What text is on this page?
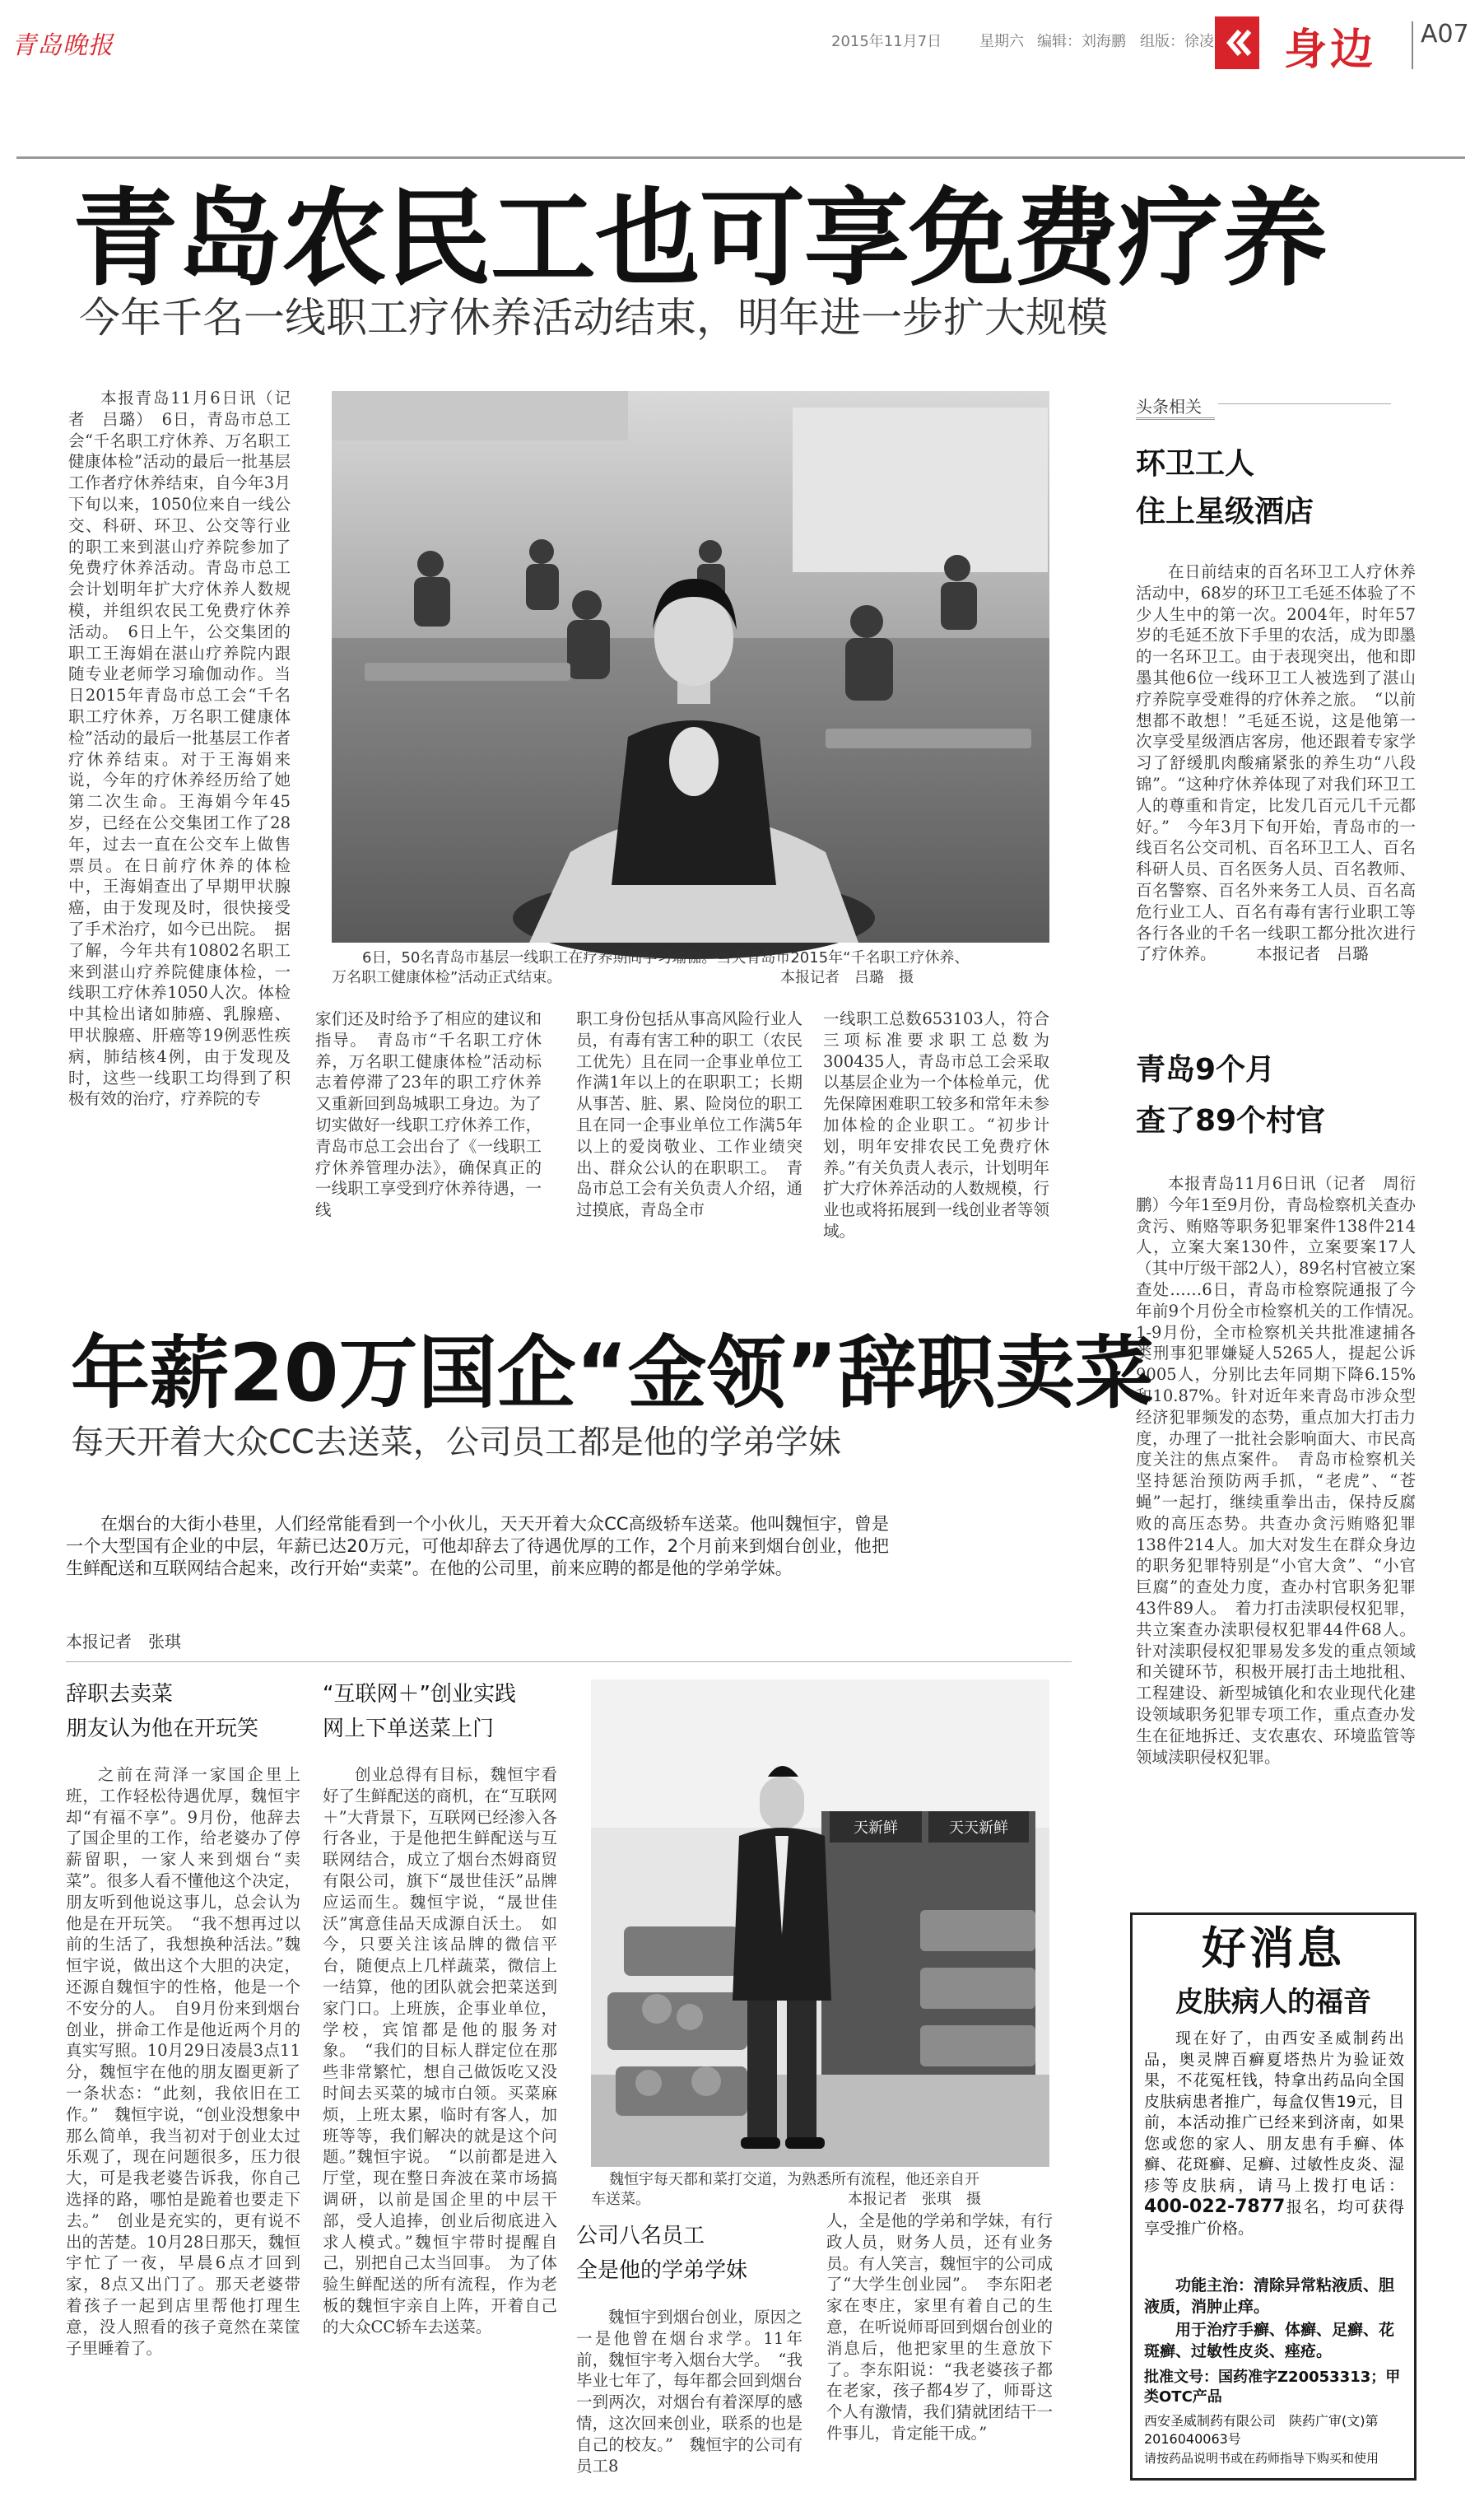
青岛晚报	2015年11月7日	星期六 编辑：刘海鹏 组版：徐凌 身边 A07
青岛农民工也可享免费疗养
今年千名一线职工疗休养活动结束，明年进一步扩大规模

本报青岛11月6日讯（记者　吕璐）　6日，青岛市总工会“千名职工疗休养、万名职工健康体检”活动的最后一批基层工作者疗休养结束，自今年3月下旬以来，1050位来自一线公交、科研、环卫、公交等行业的职工来到湛山疗养院参加了免费疗休养活动。青岛市总工会计划明年扩大疗休养人数规模，并组织农民工免费疗休养活动。　6日上午，公交集团的职工王海娟在湛山疗养院内跟随专业老师学习瑜伽动作。当日2015年青岛市总工会“千名职工疗休养，万名职工健康体检”活动的最后一批基层工作者疗休养结束。对于王海娟来说，今年的疗休养经历给了她第二次生命。王海娟今年45岁，已经在公交集团工作了28年，过去一直在公交车上做售票员。在日前疗休养的体检中，王海娟查出了早期甲状腺癌，由于发现及时，很快接受了手术治疗，如今已出院。　据了解，今年共有10802名职工来到湛山疗养院健康体检，一线职工疗休养1050人次。体检中其检出诸如肺癌、乳腺癌、甲状腺癌、肝癌等19例恶性疾病，肺结核4例，由于发现及时，这些一线职工均得到了积极有效的治疗，疗养院的专

6日，50名青岛市基层一线职工在疗养期间学习瑜伽。当天青岛市2015年“千名职工疗休养、
万名职工健康体检”活动正式结束。	本报记者　吕璐　摄

家们还及时给予了相应的建议和指导。　青岛市“千名职工疗休养，万名职工健康体检”活动标志着停滞了23年的职工疗休养又重新回到岛城职工身边。为了切实做好一线职工疗休养工作，青岛市总工会出台了《一线职工疗休养管理办法》，确保真正的一线职工享受到疗休养待遇，一线

职工身份包括从事高风险行业人员，有毒有害工种的职工（农民工优先）且在同一企事业单位工作满1年以上的在职职工；长期从事苦、脏、累、险岗位的职工且在同一企事业单位工作满5年以上的爱岗敬业、工作业绩突出、群众公认的在职职工。　青岛市总工会有关负责人介绍，通过摸底，青岛全市

一线职工总数653103人，符合三项标准要求职工总数为300435人，青岛市总工会采取以基层企业为一个体检单元，优先保障困难职工较多和常年未参加体检的企业职工。“初步计划，明年安排农民工免费疗休养。”有关负责人表示，计划明年扩大疗休养活动的人数规模，行业也或将拓展到一线创业者等领域。

头条相关
环卫工人
住上星级酒店

在日前结束的百名环卫工人疗休养活动中，68岁的环卫工毛延丕体验了不少人生中的第一次。2004年，时年57岁的毛延丕放下手里的农活，成为即墨的一名环卫工。由于表现突出，他和即墨其他6位一线环卫工人被选到了湛山疗养院享受难得的疗休养之旅。　“以前想都不敢想！”毛延丕说，这是他第一次享受星级酒店客房，他还跟着专家学习了舒缓肌肉酸痛紧张的养生功“八段锦”。“这种疗休养体现了对我们环卫工人的尊重和肯定，比发几百元几千元都好。”　今年3月下旬开始，青岛市的一线百名公交司机、百名环卫工人、百名科研人员、百名医务人员、百名教师、百名警察、百名外来务工人员、百名高危行业工人、百名有毒有害行业职工等各行各业的千名一线职工都分批次进行了疗休养。　　　本报记者　吕璐

青岛9个月
查了89个村官

本报青岛11月6日讯（记者　周衍鹏）今年1至9月份，青岛检察机关查办贪污、贿赂等职务犯罪案件138件214人，立案大案130件，立案要案17人（其中厅级干部2人），89名村官被立案查处……6日，青岛市检察院通报了今年前9个月份全市检察机关的工作情况。　1-9月份，全市检察机关共批准逮捕各类刑事犯罪嫌疑人5265人，提起公诉9005人，分别比去年同期下降6.15%和10.87%。针对近年来青岛市涉众型经济犯罪频发的态势，重点加大打击力度，办理了一批社会影响面大、市民高度关注的焦点案件。　青岛市检察机关坚持惩治预防两手抓，“老虎”、“苍蝇”一起打，继续重拳出击，保持反腐败的高压态势。共查办贪污贿赂犯罪138件214人。加大对发生在群众身边的职务犯罪特别是“小官大贪”、“小官巨腐”的查处力度，查办村官职务犯罪43件89人。　着力打击渎职侵权犯罪，共立案查办渎职侵权犯罪44件68人。针对渎职侵权犯罪易发多发的重点领域和关键环节，积极开展打击土地批租、工程建设、新型城镇化和农业现代化建设领域职务犯罪专项工作，重点查办发生在征地拆迁、支农惠农、环境监管等领域渎职侵权犯罪。

年薪20万国企“金领”辞职卖菜
每天开着大众CC去送菜，公司员工都是他的学弟学妹

在烟台的大街小巷里，人们经常能看到一个小伙儿，天天开着大众CC高级轿车送菜。他叫魏恒宇，曾是一个大型国有企业的中层，年薪已达20万元，可他却辞去了待遇优厚的工作，2个月前来到烟台创业，他把生鲜配送和互联网结合起来，改行开始“卖菜”。在他的公司里，前来应聘的都是他的学弟学妹。

本报记者　张琪
辞职去卖菜
朋友认为他在开玩笑

之前在菏泽一家国企里上班，工作轻松待遇优厚，魏恒宇却“有福不享”。9月份，他辞去了国企里的工作，给老婆办了停薪留职，一家人来到烟台“卖菜”。很多人看不懂他这个决定，朋友听到他说这事儿，总会认为他是在开玩笑。　“我不想再过以前的生活了，我想换种活法。”魏恒宇说，做出这个大胆的决定，还源自魏恒宇的性格，他是一个不安分的人。　自9月份来到烟台创业，拼命工作是他近两个月的真实写照。10月29日凌晨3点11分，魏恒宇在他的朋友圈更新了一条状态：“此刻，我依旧在工作。”　魏恒宇说，“创业没想象中那么简单，我当初对于创业太过乐观了，现在问题很多，压力很大，可是我老婆告诉我，你自己选择的路，哪怕是跪着也要走下去。”　创业是充实的，更有说不出的苦楚。10月28日那天，魏恒宇忙了一夜，早晨6点才回到家，8点又出门了。那天老婆带着孩子一起到店里帮他打理生意，没人照看的孩子竟然在菜筐子里睡着了。

“互联网＋”创业实践
网上下单送菜上门

创业总得有目标，魏恒宇看好了生鲜配送的商机，在“互联网＋”大背景下，互联网已经渗入各行各业，于是他把生鲜配送与互联网结合，成立了烟台杰姆商贸有限公司，旗下“晟世佳沃”品牌应运而生。魏恒宇说，“晟世佳沃”寓意佳品天成源自沃土。　如今，只要关注该品牌的微信平台，随便点上几样蔬菜，微信上一结算，他的团队就会把菜送到家门口。上班族，企事业单位，学校，宾馆都是他的服务对象。　“我们的目标人群定位在那些非常繁忙，想自己做饭吃又没时间去买菜的城市白领。买菜麻烦，上班太累，临时有客人，加班等等，我们解决的就是这个问题。”魏恒宇说。　“以前都是进入厅堂，现在整日奔波在菜市场搞调研，以前是国企里的中层干部，受人追捧，创业后彻底进入求人模式。”魏恒宇带时提醒自己，别把自己太当回事。　为了体验生鲜配送的所有流程，作为老板的魏恒宇亲自上阵，开着自己的大众CC轿车去送菜。

天新鲜	天天新鲜
魏恒宇每天都和菜打交道，为熟悉所有流程，他还亲自开
车送菜。	本报记者　张琪　摄
公司八名员工
全是他的学弟学妹

魏恒宇到烟台创业，原因之一是他曾在烟台求学。11年前，魏恒宇考入烟台大学。　“我毕业七年了，每年都会回到烟台一到两次，对烟台有着深厚的感情，这次回来创业，联系的也是自己的校友。”　魏恒宇的公司有员工8

人，全是他的学弟和学妹，有行政人员，财务人员，还有业务员。有人笑言，魏恒宇的公司成了“大学生创业园”。　李东阳老家在枣庄，家里有着自己的生意，在听说师哥回到烟台创业的消息后，他把家里的生意放下了。李东阳说：“我老婆孩子都在老家，孩子都4岁了，师哥这个人有激情，我们猜就团结干一件事儿，肯定能干成。”

好消息
皮肤病人的福音
现在好了，由西安圣威制药出品，奥灵牌百癣夏塔热片为验证效果，不花冤枉钱，特拿出药品向全国皮肤病患者推广，每盒仅售19元，目前，本活动推广已经来到济南，如果您或您的家人、朋友患有手癣、体癣、花斑癣、足癣、过敏性皮炎、湿疹等皮肤病，请马上拨打电话：400-022-7877报名，均可获得享受推广价格。
功能主治：清除异常粘液质、胆液质，消肿止痒。
用于治疗手癣、体癣、足癣、花斑癣、过敏性皮炎、痤疮。
批准文号：国药准字Z20053313；甲类OTC产品
西安圣威制药有限公司　陕药广审(文)第2016040063号
请按药品说明书或在药师指导下购买和使用
